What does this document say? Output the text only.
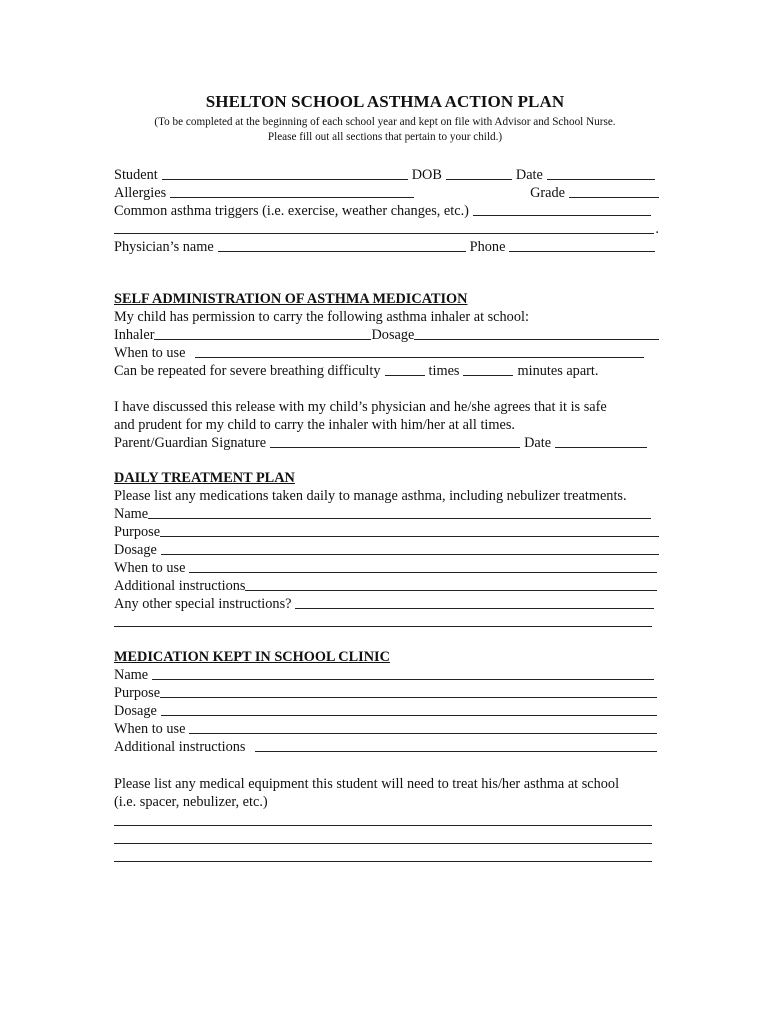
SHELTON SCHOOL ASTHMA ACTION PLAN
(To be completed at the beginning of each school year and kept on file with Advisor and School Nurse.
Please fill out all sections that pertain to your child.)
Student	DOB	Date
Allergies	Grade
Common asthma triggers (i.e. exercise, weather changes, etc.)
.
Physician’s name	Phone
SELF ADMINISTRATION OF ASTHMA MEDICATION
My child has permission to carry the following asthma inhaler at school:
Inhaler	Dosage
When to use
Can be repeated for severe breathing difficulty	times	minutes apart.
I have discussed this release with my child’s physician and he/she agrees that it is safe
and prudent for my child to carry the inhaler with him/her at all times.
Parent/Guardian Signature	Date
DAILY TREATMENT PLAN
Please list any medications taken daily to manage asthma, including nebulizer treatments.
Name
Purpose
Dosage
When to use
Additional instructions
Any other special instructions?
MEDICATION KEPT IN SCHOOL CLINIC
Name
Purpose
Dosage
When to use
Additional instructions
Please list any medical equipment this student will need to treat his/her asthma at school
(i.e. spacer, nebulizer, etc.)
